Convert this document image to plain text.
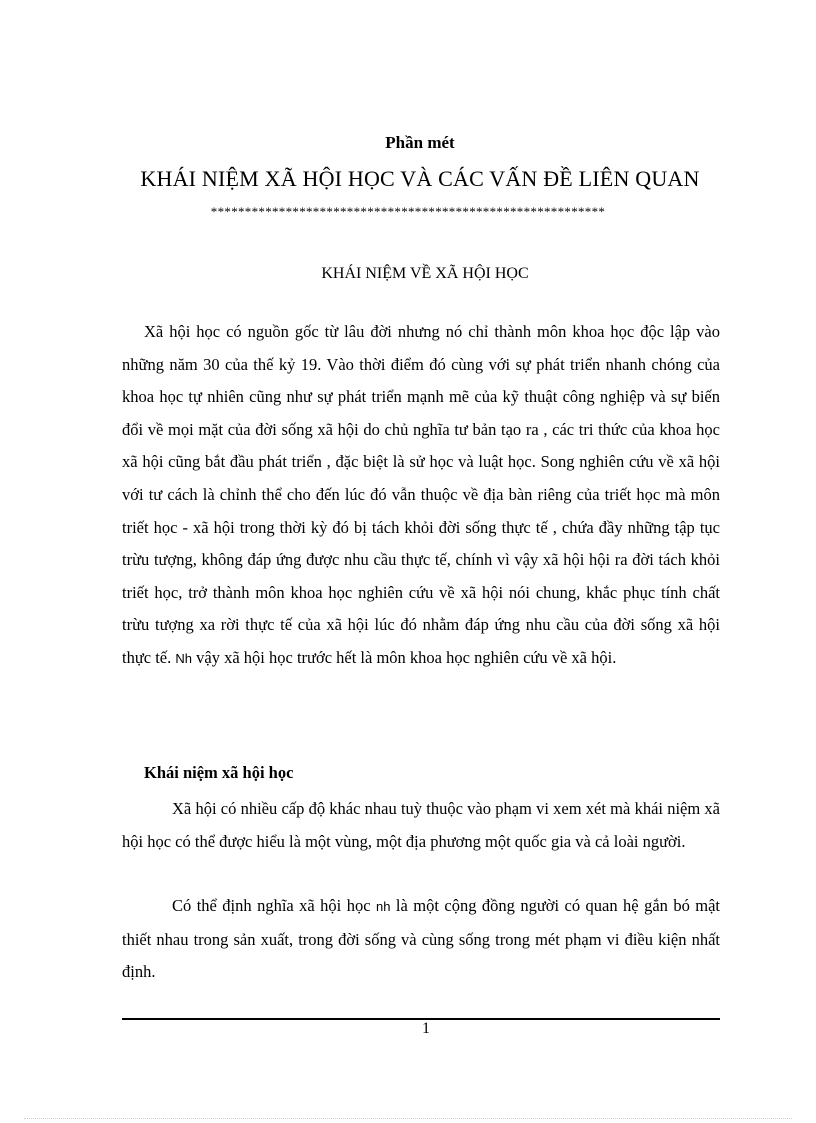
Phần mét
KHÁI NIỆM XÃ HỘI HỌC VÀ CÁC VẤN ĐỀ LIÊN QUAN
**********************************************************
KHÁI NIỆM VỀ XÃ HỘI HỌC
Xã hội học có nguồn gốc từ lâu đời nhưng nó chỉ thành môn khoa học độc lập vào những năm 30 của thế kỷ 19. Vào thời điểm đó cùng với sự phát triển nhanh chóng của khoa học tự nhiên cũng như sự phát triển mạnh mẽ của kỹ thuật công nghiệp và sự biến đổi về mọi mặt của đời sống xã hội do chủ nghĩa tư bản tạo ra , các tri thức của khoa học xã hội cũng bắt đầu phát triển , đặc biệt là sử học và luật học. Song nghiên cứu về xã hội với tư cách là chỉnh thể cho đến lúc đó vẫn thuộc về địa bàn riêng của triết học mà môn triết học - xã hội trong thời kỳ đó bị tách khỏi đời sống thực tế , chứa đầy những tập tục trừu tượng, không đáp ứng được nhu cầu thực tế, chính vì vậy xã hội hội ra đời tách khỏi triết học, trở thành môn khoa học nghiên cứu về xã hội nói chung, khắc phục tính chất trừu tượng xa rời thực tế của xã hội lúc đó nhằm đáp ứng nhu cầu của đời sống xã hội thực tế. Nh vậy xã hội học trước hết là môn khoa học nghiên cứu về xã hội.
Khái niệm xã hội học
Xã hội có nhiều cấp độ khác nhau tuỳ thuộc vào phạm vi xem xét mà khái niệm xã hội học có thể được hiểu là một vùng, một địa phương một quốc gia và cả loài người.
Có thể định nghĩa xã hội học nh là một cộng đồng người có quan hệ gắn bó mật thiết nhau trong sản xuất, trong đời sống và cùng sống trong mét phạm vi điều kiện nhất định.
1
